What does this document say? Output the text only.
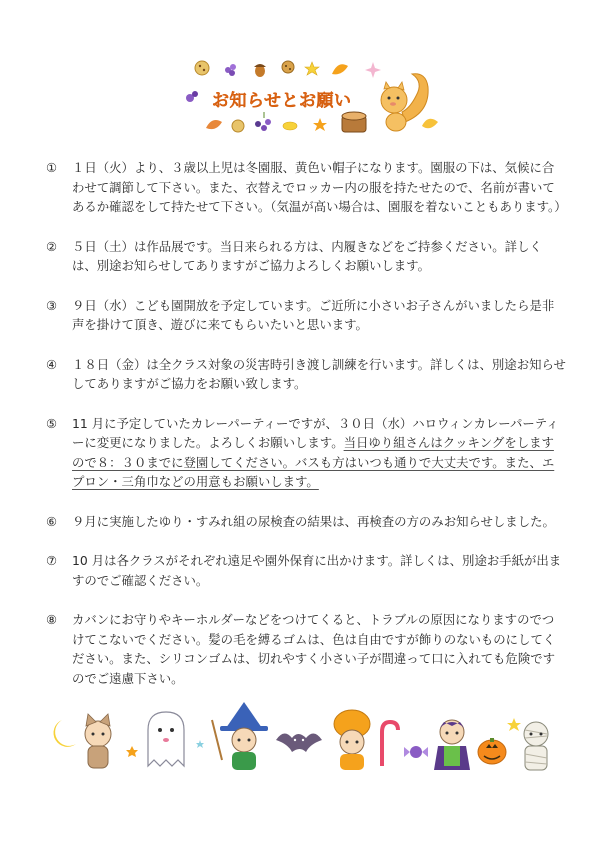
お知らせとお願い
①	１日（火）より、３歳以上児は冬園服、黄色い帽子になります。園服の下は、気候に合わせて調節して下さい。また、衣替えでロッカー内の服を持たせたので、名前が書いてあるか確認をして持たせて下さい。（気温が高い場合は、園服を着ないこともあります。）
②	５日（土）は作品展です。当日来られる方は、内履きなどをご持参ください。詳しくは、別途お知らせしてありますがご協力よろしくお願いします。
③	９日（水）こども園開放を予定しています。ご近所に小さいお子さんがいましたら是非声を掛けて頂き、遊びに来てもらいたいと思います。
④	１８日（金）は全クラス対象の災害時引き渡し訓練を行います。詳しくは、別途お知らせしてありますがご協力をお願い致します。
⑤	11 月に予定していたカレーパーティーですが、３０日（水）ハロウィンカレーパーティーに変更になりました。よろしくお願いします。当日ゆり組さんはクッキングをしますので８：３０までに登園してください。バスも方はいつも通りで大丈夫です。また、エプロン・三角巾などの用意もお願いします。
⑥	９月に実施したゆり・すみれ組の尿検査の結果は、再検査の方のみお知らせしました。
⑦	10 月は各クラスがそれぞれ遠足や園外保育に出かけます。詳しくは、別途お手紙が出ますのでご確認ください。
⑧	カバンにお守りやキーホルダーなどをつけてくると、トラブルの原因になりますのでつけてこないでください。髪の毛を縛るゴムは、色は自由ですが飾りのないものにしてください。また、シリコンゴムは、切れやすく小さい子が間違って口に入れても危険ですのでご遠慮下さい。
